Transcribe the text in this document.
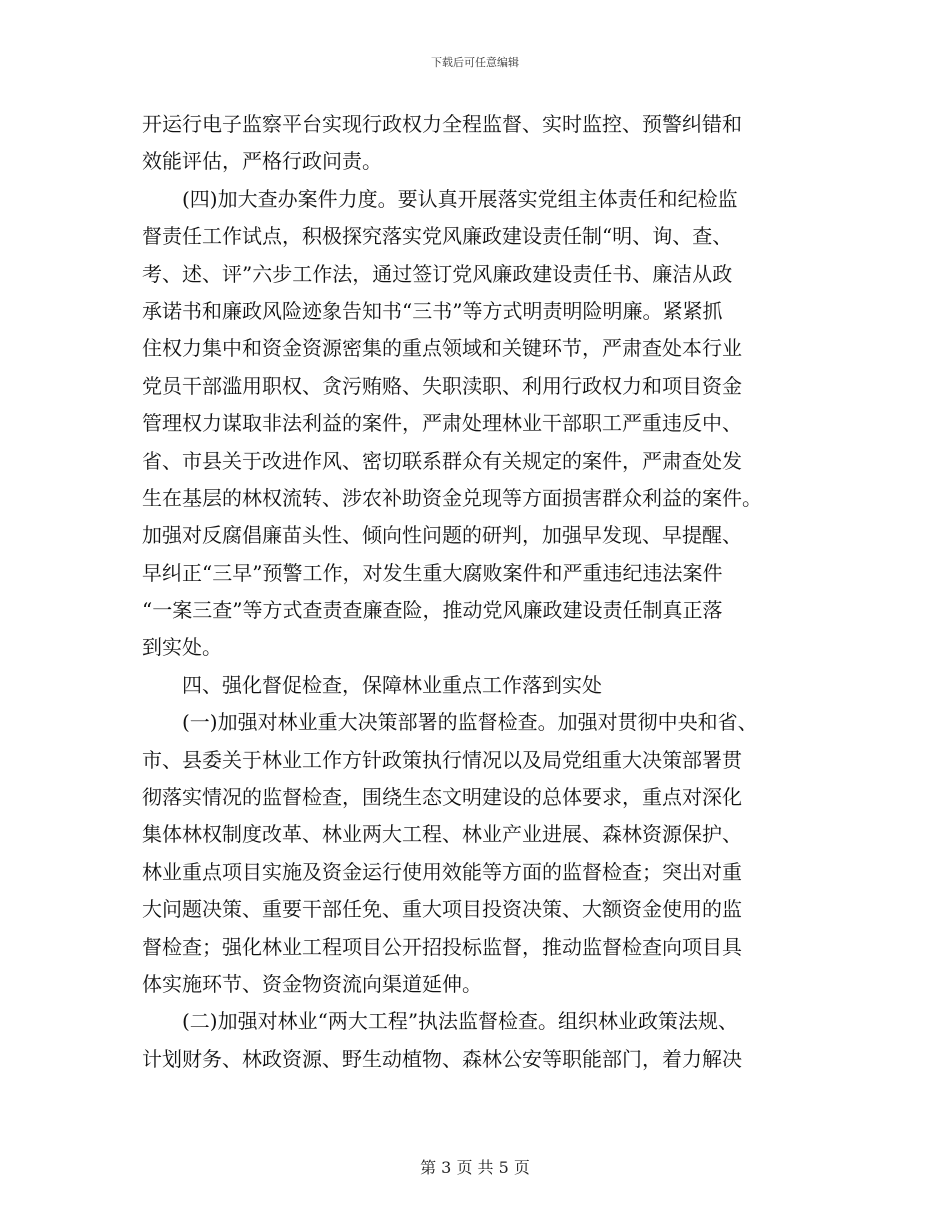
下载后可任意编辑
开运行电子监察平台实现行政权力全程监督、实时监控、预警纠错和
效能评估，严格行政问责。
　　(四)加大查办案件力度。要认真开展落实党组主体责任和纪检监
督责任工作试点，积极探究落实党风廉政建设责任制“明、询、查、
考、述、评”六步工作法，通过签订党风廉政建设责任书、廉洁从政
承诺书和廉政风险迹象告知书“三书”等方式明责明险明廉。紧紧抓
住权力集中和资金资源密集的重点领域和关键环节，严肃查处本行业
党员干部滥用职权、贪污贿赂、失职渎职、利用行政权力和项目资金
管理权力谋取非法利益的案件，严肃处理林业干部职工严重违反中、
省、市县关于改进作风、密切联系群众有关规定的案件，严肃查处发
生在基层的林权流转、涉农补助资金兑现等方面损害群众利益的案件。
加强对反腐倡廉苗头性、倾向性问题的研判，加强早发现、早提醒、
早纠正“三早”预警工作，对发生重大腐败案件和严重违纪违法案件
“一案三查”等方式查责查廉查险，推动党风廉政建设责任制真正落
到实处。
　　四、强化督促检查，保障林业重点工作落到实处
　　(一)加强对林业重大决策部署的监督检查。加强对贯彻中央和省、
市、县委关于林业工作方针政策执行情况以及局党组重大决策部署贯
彻落实情况的监督检查，围绕生态文明建设的总体要求，重点对深化
集体林权制度改革、林业两大工程、林业产业进展、森林资源保护、
林业重点项目实施及资金运行使用效能等方面的监督检查；突出对重
大问题决策、重要干部任免、重大项目投资决策、大额资金使用的监
督检查；强化林业工程项目公开招投标监督，推动监督检查向项目具
体实施环节、资金物资流向渠道延伸。
　　(二)加强对林业“两大工程”执法监督检查。组织林业政策法规、
计划财务、林政资源、野生动植物、森林公安等职能部门，着力解决
第 3 页 共 5 页
